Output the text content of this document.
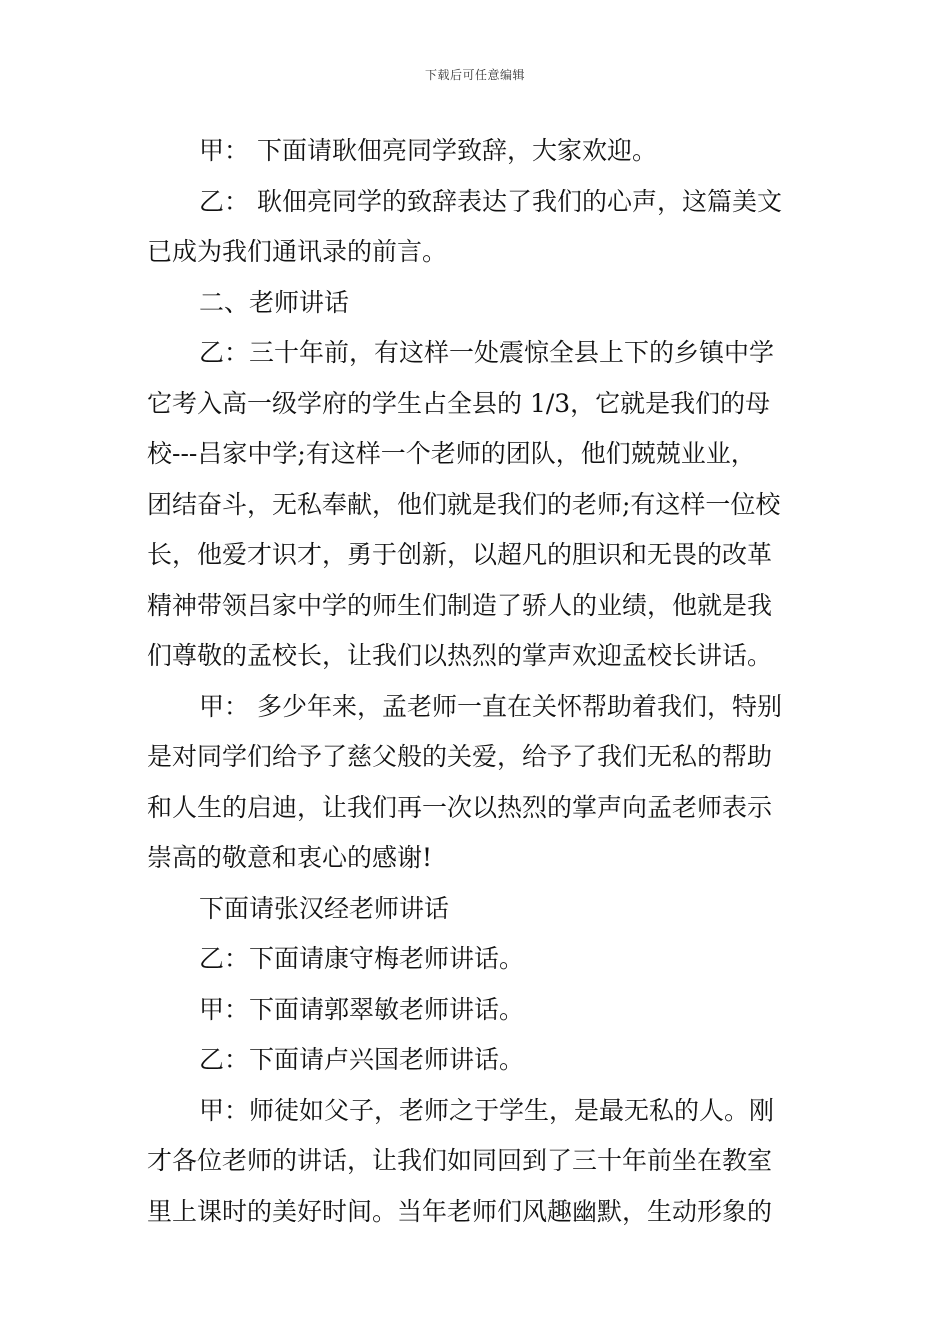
下载后可任意编辑

甲： 下面请耿佃亮同学致辞，大家欢迎。

乙： 耿佃亮同学的致辞表达了我们的心声，这篇美文

已成为我们通讯录的前言。

二、老师讲话

乙：三十年前，有这样一处震惊全县上下的乡镇中学

它考入高一级学府的学生占全县的 1/3，它就是我们的母

校---吕家中学;有这样一个老师的团队，他们兢兢业业，

团结奋斗，无私奉献，他们就是我们的老师;有这样一位校

长，他爱才识才，勇于创新，以超凡的胆识和无畏的改革

精神带领吕家中学的师生们制造了骄人的业绩，他就是我

们尊敬的孟校长，让我们以热烈的掌声欢迎孟校长讲话。

甲： 多少年来，孟老师一直在关怀帮助着我们，特别

是对同学们给予了慈父般的关爱，给予了我们无私的帮助

和人生的启迪，让我们再一次以热烈的掌声向孟老师表示

崇高的敬意和衷心的感谢!

下面请张汉经老师讲话

乙：下面请康守梅老师讲话。

甲：下面请郭翠敏老师讲话。

乙：下面请卢兴国老师讲话。

甲：师徒如父子，老师之于学生，是最无私的人。刚

才各位老师的讲话，让我们如同回到了三十年前坐在教室

里上课时的美好时间。当年老师们风趣幽默，生动形象的
